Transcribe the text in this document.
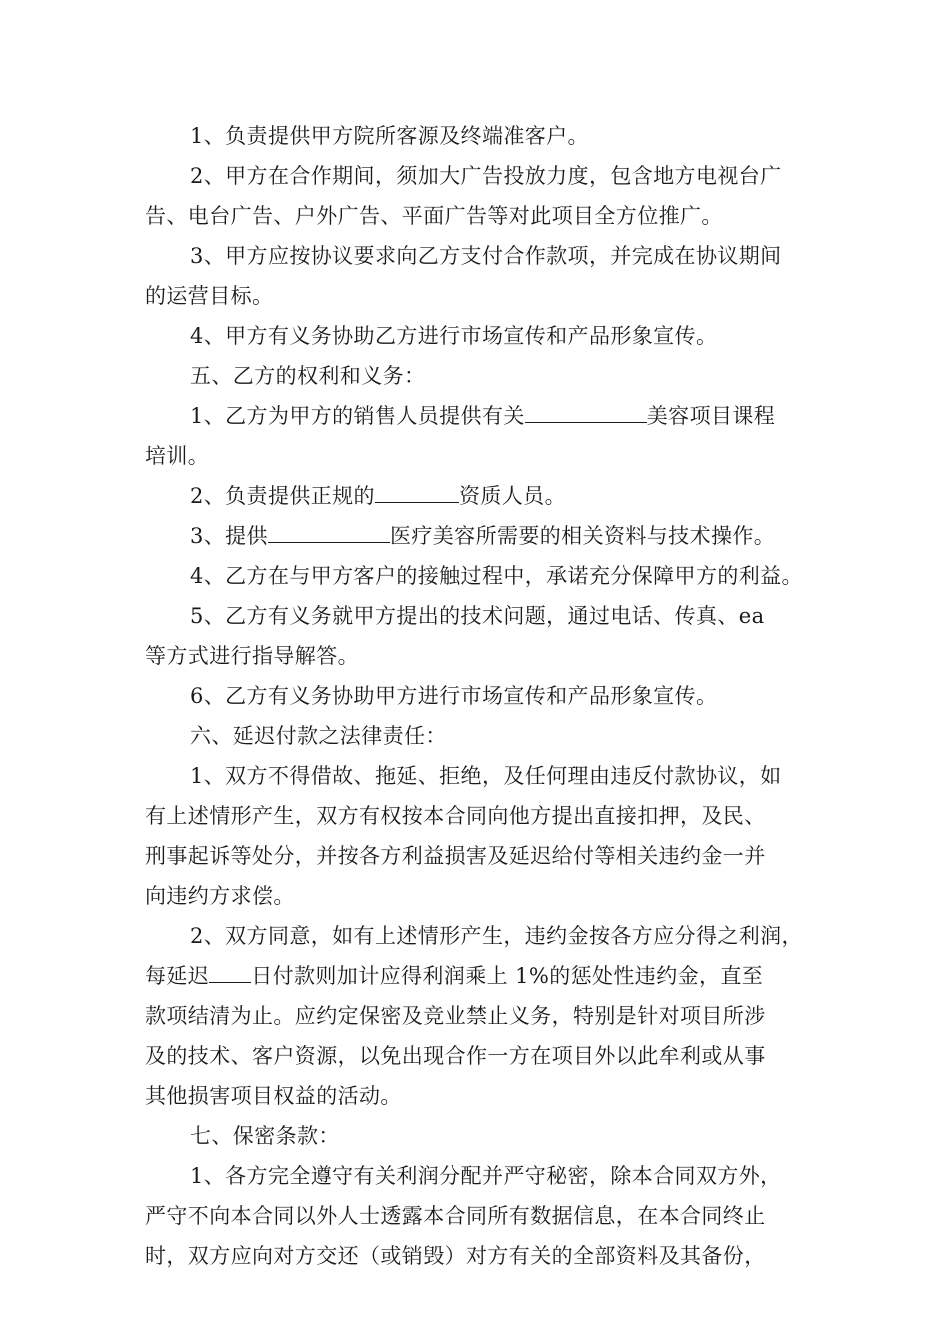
1、负责提供甲方院所客源及终端准客户。

2、甲方在合作期间，须加大广告投放力度，包含地方电视台广
告、电台广告、户外广告、平面广告等对此项目全方位推广。

3、甲方应按协议要求向乙方支付合作款项，并完成在协议期间
的运营目标。

4、甲方有义务协助乙方进行市场宣传和产品形象宣传。

五、乙方的权利和义务：

1、乙方为甲方的销售人员提供有关	美容项目课程
培训。

2、负责提供正规的	资质人员。

3、提供	医疗美容所需要的相关资料与技术操作。

4、乙方在与甲方客户的接触过程中，承诺充分保障甲方的利益。

5、乙方有义务就甲方提出的技术问题，通过电话、传真、ea
等方式进行指导解答。

6、乙方有义务协助甲方进行市场宣传和产品形象宣传。

六、延迟付款之法律责任：

1、双方不得借故、拖延、拒绝，及任何理由违反付款协议，如
有上述情形产生，双方有权按本合同向他方提出直接扣押，及民、
刑事起诉等处分，并按各方利益损害及延迟给付等相关违约金一并
向违约方求偿。

2、双方同意，如有上述情形产生，违约金按各方应分得之利润，
每延迟 日付款则加计应得利润乘上 1%的惩处性违约金，直至
款项结清为止。应约定保密及竞业禁止义务，特别是针对项目所涉
及的技术、客户资源，以免出现合作一方在项目外以此牟利或从事
其他损害项目权益的活动。

七、保密条款：

1、各方完全遵守有关利润分配并严守秘密，除本合同双方外，
严守不向本合同以外人士透露本合同所有数据信息，在本合同终止
时，双方应向对方交还（或销毁）对方有关的全部资料及其备份，
